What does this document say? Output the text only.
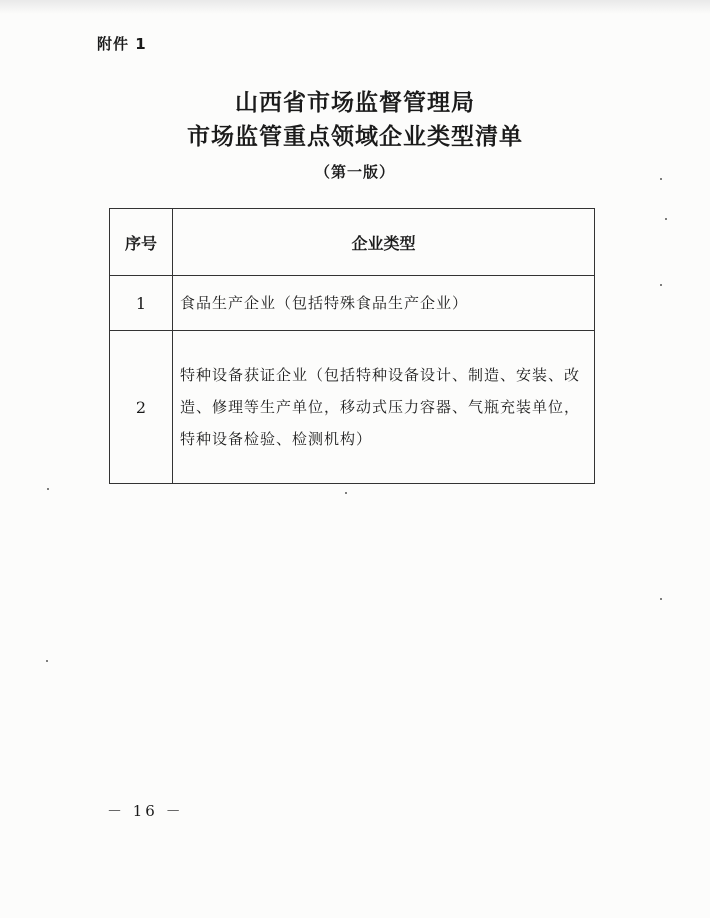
附件 1
山西省市场监督管理局
市场监管重点领域企业类型清单
（第一版）
序号	企业类型
1	食品生产企业（包括特殊食品生产企业）
2	特种设备获证企业（包括特种设备设计、制造、安装、改造、修理等生产单位，移动式压力容器、气瓶充装单位，特种设备检验、检测机构）
－ 16 －
